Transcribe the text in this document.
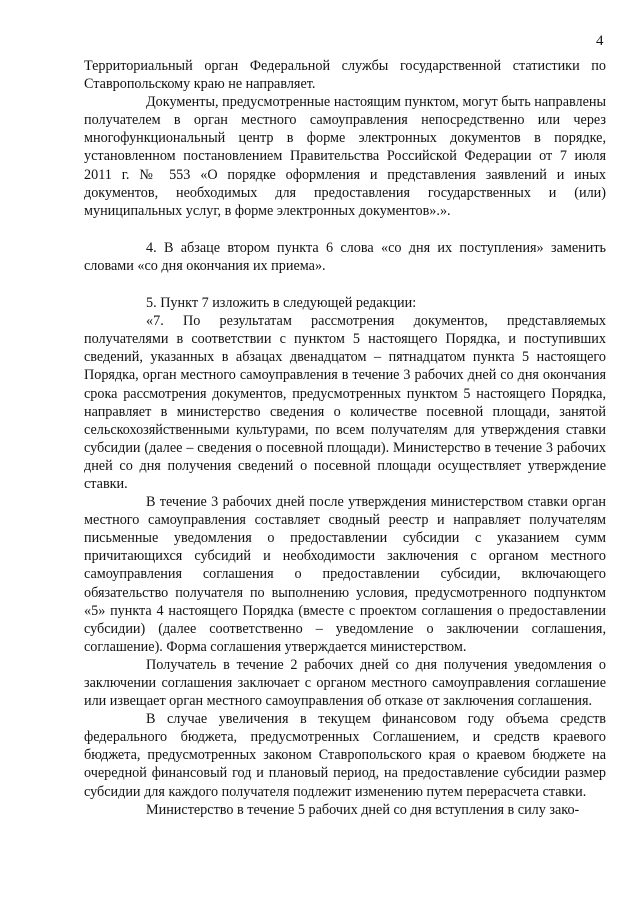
4

Территориальный орган Федеральной службы государственной статистики по Ставропольскому краю не направляет.

Документы, предусмотренные настоящим пунктом, могут быть направлены получателем в орган местного самоуправления непосредственно или через многофункциональный центр в форме электронных документов в порядке, установленном постановлением Правительства Российской Федерации от 7 июля 2011 г. № 553 «О порядке оформления и представления заявлений и иных документов, необходимых для предоставления государственных и (или) муниципальных услуг, в форме электронных документов».».

4. В абзаце втором пункта 6 слова «со дня их поступления» заменить словами «со дня окончания их приема».

5. Пункт 7 изложить в следующей редакции:

«7. По результатам рассмотрения документов, представляемых получателями в соответствии с пунктом 5 настоящего Порядка, и поступивших сведений, указанных в абзацах двенадцатом – пятнадцатом пункта 5 настоящего Порядка, орган местного самоуправления в течение 3 рабочих дней со дня окончания срока рассмотрения документов, предусмотренных пунктом 5 настоящего Порядка, направляет в министерство сведения о количестве посевной площади, занятой сельскохозяйственными культурами, по всем получателям для утверждения ставки субсидии (далее – сведения о посевной площади). Министерство в течение 3 рабочих дней со дня получения сведений о посевной площади осуществляет утверждение ставки.

В течение 3 рабочих дней после утверждения министерством ставки орган местного самоуправления составляет сводный реестр и направляет получателям письменные уведомления о предоставлении субсидии с указанием сумм причитающихся субсидий и необходимости заключения с органом местного самоуправления соглашения о предоставлении субсидии, включающего обязательство получателя по выполнению условия, предусмотренного подпунктом «5» пункта 4 настоящего Порядка (вместе с проектом соглашения о предоставлении субсидии) (далее соответственно – уведомление о заключении соглашения, соглашение). Форма соглашения утверждается министерством.

Получатель в течение 2 рабочих дней со дня получения уведомления о заключении соглашения заключает с органом местного самоуправления соглашение или извещает орган местного самоуправления об отказе от заключения соглашения.

В случае увеличения в текущем финансовом году объема средств федерального бюджета, предусмотренных Соглашением, и средств краевого бюджета, предусмотренных законом Ставропольского края о краевом бюджете на очередной финансовый год и плановый период, на предоставление субсидии размер субсидии для каждого получателя подлежит изменению путем перерасчета ставки.

Министерство в течение 5 рабочих дней со дня вступления в силу зако-
